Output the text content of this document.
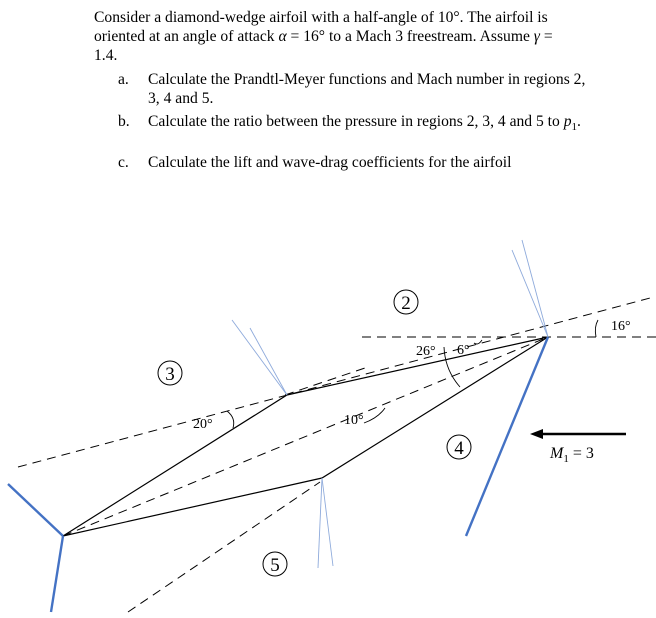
Consider a diamond-wedge airfoil with a half-angle of 10°. The airfoil is

oriented at an angle of attack α = 16° to a Mach 3 freestream. Assume γ =

1.4.

a. Calculate the Prandtl-Meyer functions and Mach number in regions 2,
3, 4 and 5.
b. Calculate the ratio between the pressure in regions 2, 3, 4 and 5 to $p_1$.
c. Calculate the lift and wave-drag coefficients for the airfoil
2
3
4
5
16°
26° 6°
20°	10°
$M_1 = 3$
